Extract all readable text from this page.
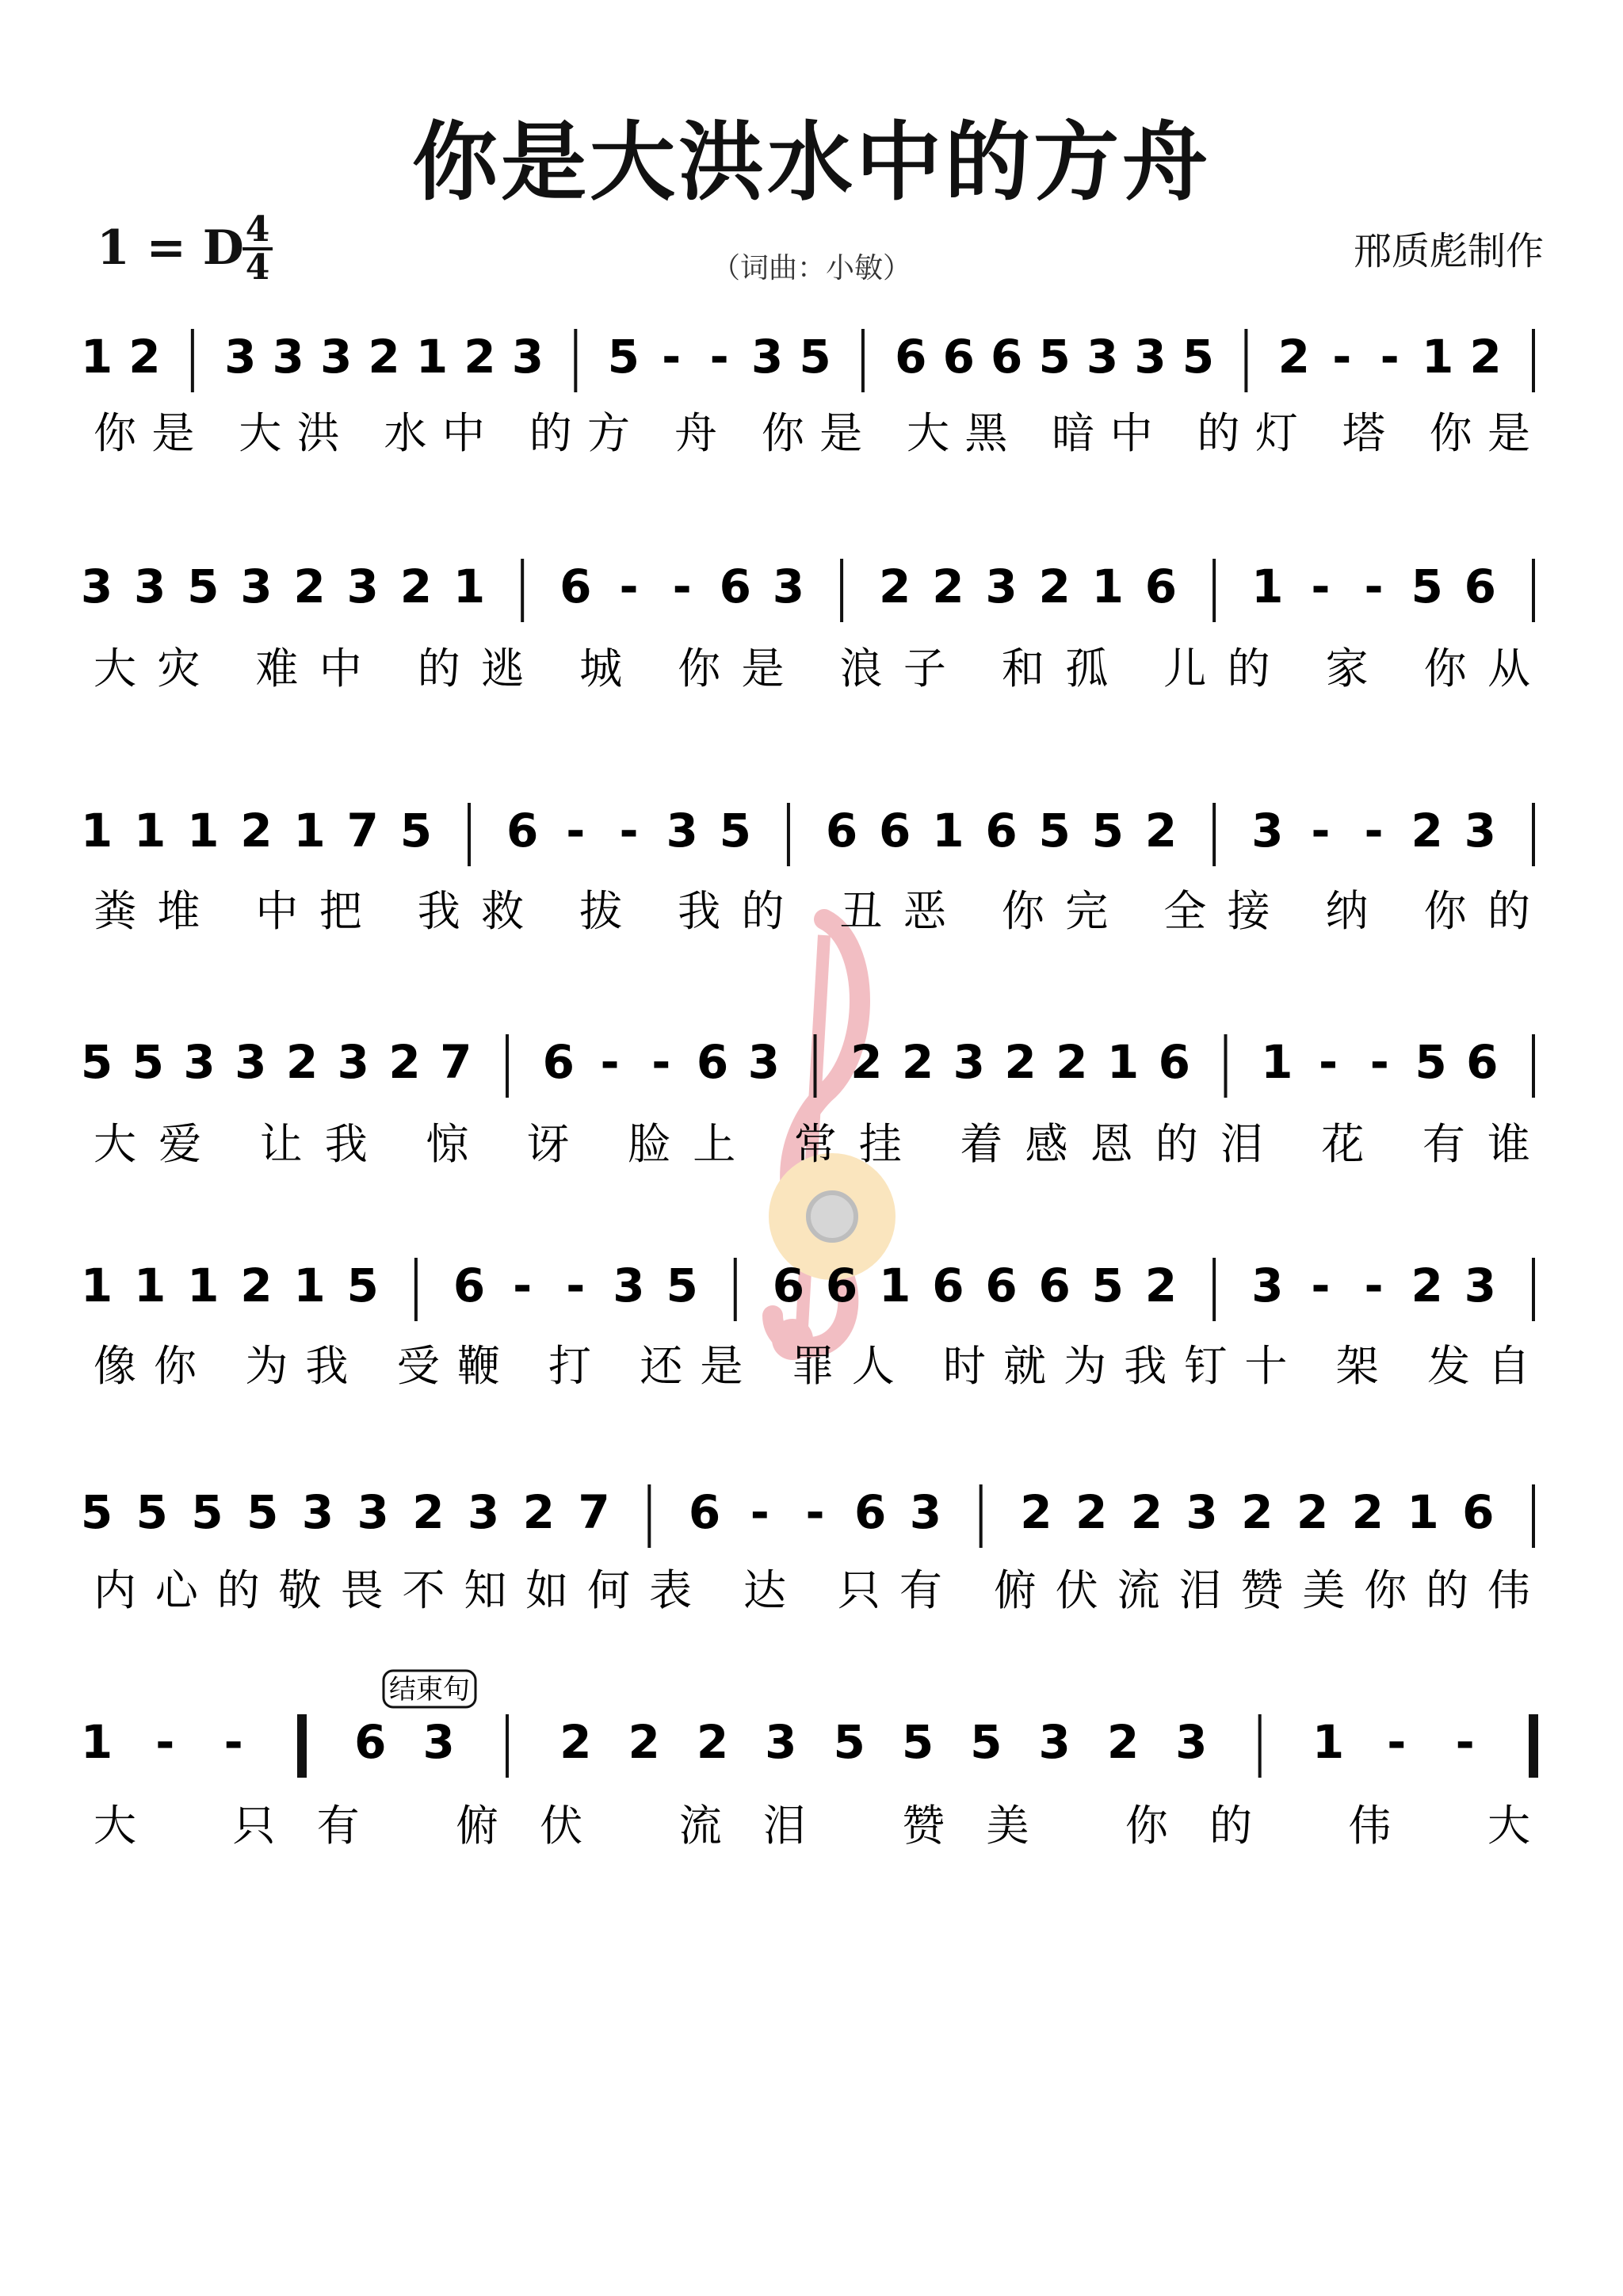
你是大洪水中的方舟
1 = D 4
4	（词曲：小敏）	邢质彪制作
结束句
1 2 3 3 3 2 1 2 3 5 - - 3 5 6 6 6 5 3 3 5 2 - - 1 2
你是 大洪 水中 的方 舟 你是 大黑 暗中 的灯 塔 你是
3 3 5 3 2 3 2 1 6 - - 6 3 2 2 3 2 1 6 1 - - 5 6
大灾 难中 的逃 城 你是 浪子 和孤 儿的 家 你从
1 1 1 2 1 7 5 6 - - 3 5 6 6 1 6 5 5 2 3 - - 2 3
粪堆 中把 我救 拔 我的 丑恶 你完 全接 纳 你的
5 5 3 3 2 3 2 7 6 - - 6 3 2 2 3 2 2 1 6 1 - - 5 6
大爱 让我 惊 讶 脸上 常挂 着感恩的泪 花 有谁
1 1 1 2 1 5 6 - - 3 5 6 6 1 6 6 6 5 2 3 - - 2 3
像你 为我 受鞭 打 还是 罪人 时就为我钉十 架 发自
5 5 5 5 3 3 2 3 2 7 6 - - 6 3 2 2 2 3 2 2 2 1 6
内心的敬畏不知如何表 达 只有 俯伏流泪赞美你的伟
1 - - 6 3 2 2 2 3 5 5 5 3 2 3 1 - -
大 只有 俯伏 流泪 赞美 你的 伟 大
